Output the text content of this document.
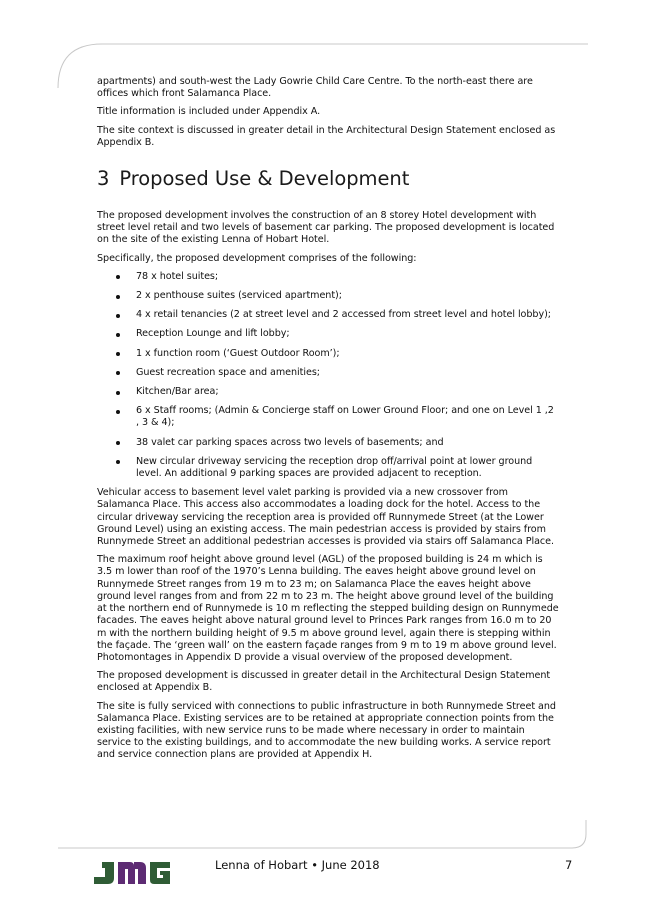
apartments) and south-west the Lady Gowrie Child Care Centre. To the north-east there are offices which front Salamanca Place.

Title information is included under Appendix A.

The site context is discussed in greater detail in the Architectural Design Statement enclosed as Appendix B.

3 Proposed Use & Development

The proposed development involves the construction of an 8 storey Hotel development with street level retail and two levels of basement car parking. The proposed development is located on the site of the existing Lenna of Hobart Hotel.

Specifically, the proposed development comprises of the following:

78 x hotel suites;
2 x penthouse suites (serviced apartment);
4 x retail tenancies (2 at street level and 2 accessed from street level and hotel lobby);
Reception Lounge and lift lobby;
1 x function room (‘Guest Outdoor Room’);
Guest recreation space and amenities;
Kitchen/Bar area;
6 x Staff rooms; (Admin & Concierge staff on Lower Ground Floor; and one on Level 1 ,2 , 3 & 4);
38 valet car parking spaces across two levels of basements; and
New circular driveway servicing the reception drop off/arrival point at lower ground level. An additional 9 parking spaces are provided adjacent to reception.

Vehicular access to basement level valet parking is provided via a new crossover from Salamanca Place. This access also accommodates a loading dock for the hotel. Access to the circular driveway servicing the reception area is provided off Runnymede Street (at the Lower Ground Level) using an existing access. The main pedestrian access is provided by stairs from Runnymede Street an additional pedestrian accesses is provided via stairs off Salamanca Place.

The maximum roof height above ground level (AGL) of the proposed building is 24 m which is 3.5 m lower than roof of the 1970’s Lenna building. The eaves height above ground level on Runnymede Street ranges from 19 m to 23 m; on Salamanca Place the eaves height above ground level ranges from and from 22 m to 23 m. The height above ground level of the building at the northern end of Runnymede is 10 m reflecting the stepped building design on Runnymede facades. The eaves height above natural ground level to Princes Park ranges from 16.0 m to 20 m with the northern building height of 9.5 m above ground level, again there is stepping within the façade. The ‘green wall’ on the eastern façade ranges from 9 m to 19 m above ground level. Photomontages in Appendix D provide a visual overview of the proposed development.

The proposed development is discussed in greater detail in the Architectural Design Statement enclosed at Appendix B.

The site is fully serviced with connections to public infrastructure in both Runnymede Street and Salamanca Place. Existing services are to be retained at appropriate connection points from the existing facilities, with new service runs to be made where necessary in order to maintain service to the existing buildings, and to accommodate the new building works. A service report and service connection plans are provided at Appendix H.

Lenna of Hobart • June 2018	7
